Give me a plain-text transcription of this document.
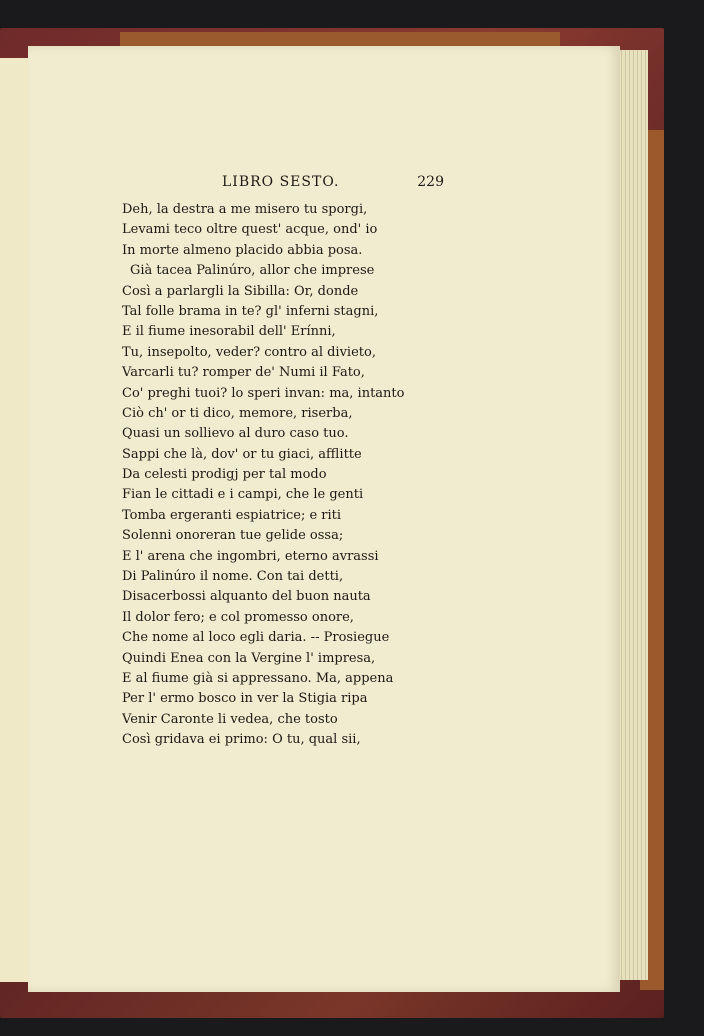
LIBRO SESTO.	229
Deh, la destra a me misero tu sporgi,
Levami teco oltre quest' acque, ond' io
In morte almeno placido abbia posa.
Già tacea Palinúro, allor che imprese
Così a parlargli la Sibilla: Or, donde
Tal folle brama in te? gl' inferni stagni,
E il fiume inesorabil dell' Erínni,
Tu, insepolto, veder? contro al divieto,
Varcarli tu? romper de' Numi il Fato,
Co' preghi tuoi? lo speri invan: ma, intanto
Ciò ch' or ti dico, memore, riserba,
Quasi un sollievo al duro caso tuo.
Sappi che là, dov' or tu giaci, afflitte
Da celesti prodigj per tal modo
Fian le cittadi e i campi, che le genti
Tomba ergeranti espiatrice; e riti
Solenni onoreran tue gelide ossa;
E l' arena che ingombri, eterno avrassi
Di Palinúro il nome. Con tai detti,
Disacerbossi alquanto del buon nauta
Il dolor fero; e col promesso onore,
Che nome al loco egli daria. -- Prosiegue
Quindi Enea con la Vergine l' impresa,
E al fiume già si appressano. Ma, appena
Per l' ermo bosco in ver la Stigia ripa
Venir Caronte li vedea, che tosto
Così gridava ei primo: O tu, qual sii,
